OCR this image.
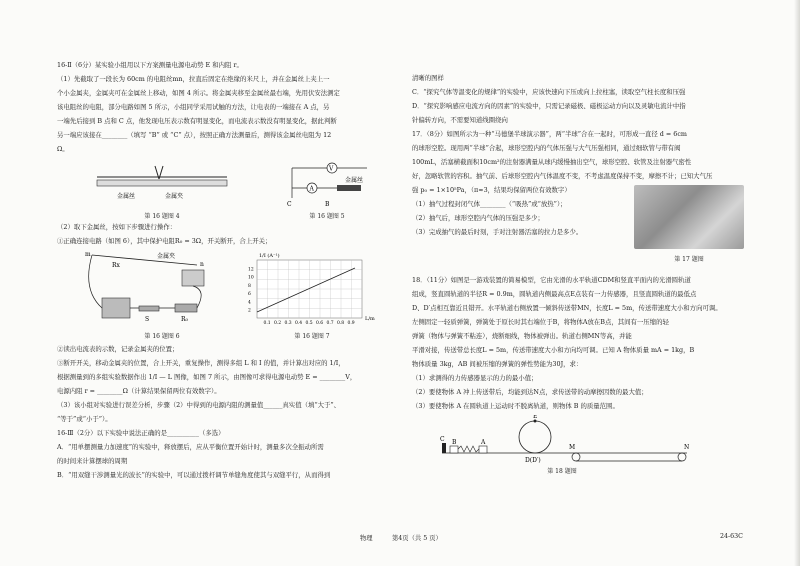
16-Ⅱ（6分）某实验小组用以下方案测量电源电动势 E 和内阻 r。

（1）先截取了一段长为 60cm 的电阻丝mn，拉直后固定在绝缘的米尺上，并在金属丝上夹上一

个小金属夹，金属夹可在金属丝上移动，如图 4 所示。将金属夹移至金属丝最右端，先用伏安法测定

该电阻丝的电阻，部分电路如图 5 所示，小组同学采用试触的方法，让电表的一端接在 A 点，另

一端先后接到 B 点和 C 点，他发现电压表示数有明显变化，而电流表示数没有明显变化，据此判断

另一端应该接在________（填写 “B” 或 “C” 点），按照正确方法测量后，测得该金属丝电阻为 12

Ω。

金属丝	金属夹
V
A
金属丝
C	B
第 16 题图 4	第 16 题图 5

（2）取下金属丝，按如下步骤进行操作：

①正确连接电路（如图 6），其中保护电阻R₀ = 3Ω，开关断开，合上开关；

m
Rx
金属夹
n
S	R₀
1/I (A⁻¹)
L/m
12
10
8
6
4
2
0.1 0.2 0.3 0.4 0.5 0.6 0.7 0.8 0.9
第 16 题图 6	第 16 题图 7

②读出电流表的示数，记录金属夹的位置；

③断开开关，移动金属夹的位置，合上开关，重复操作，测得多组 L 和 I 的值，并计算出对应的 1/I，

根据测量到的多组实验数据作出 1/I — L 图像，如图 7 所示，由图像可求得电源电动势 E = ________V，

电源内阻 r = ________Ω（计算结果保留两位有效数字）。

（3）该小组对实验进行误差分析，步骤（2）中得到的电源内阻的测量值______真实值（填“大于”、

“等于”或“小于”）。

16-Ⅲ（2分）以下实验中说法正确的是__________（多选）

A．“用单摆测量力加速度”的实验中，释放摆后，应从平衡位置开始计时，测量多次全振动所需

的时间来计算摆球的周期

B．“用双缝干涉测量光的波长”的实验中，可以通过拨杆调节单缝角度使其与双缝平行，从而得到

清晰的图样

C．“探究气体等温变化的规律”的实验中，应该快速向下压或向上拉柱塞，读取空气柱长度和压强

D．“探究影响感应电流方向的因素”的实验中，只需记录磁极、磁极运动方向以及灵敏电流计中指

针偏转方向，不需要知道线圈绕向

17．（8分）如图所示为一种“马德堡半球演示器”，两“半球”合在一起时，可形成一直径 d = 6cm

的球形空腔。现用两“半球”合起，球形空腔内的气体压强与大气压强相同，通过细软管与带有阀

100mL，活塞横截面积10cm²的注射器满量从球内缓慢抽出空气，球形空腔、软管及注射器气密性

好，忽略软管的容积。抽气前、后球形空腔内气体温度不变，不考虑温度保持不变，摩擦不计；已知大气压

强 p₀ = 1×10⁵Pa，（π≈3，结果均保留两位有效数字）

（1）抽气过程封闭气体________（“吸热”或“放热”）；

（2）抽气后，球形空腔内气体的压强是多少；

（3）完成抽气的最后时刻，手对注射器活塞的拉力是多少。

第 17 题图

18．（11分）如图是一游戏装置的简易模型，它由光滑的水平轨道CDM和竖直平面内的光滑圆轨道

组成，竖直圆轨道的半径R = 0.9m，圆轨道内侧最高点E点装有一力传感器，且竖直圆轨道的最低点

D、D′点相互靠近且错开。水平轨道右侧放置一倾斜传送带MN，长度L = 5m，传送带速度大小和方向可调。

左侧固定一轻质弹簧，弹簧处于原长时其右端位于B，将物体A放在B点，其间有一压缩的轻

弹簧（物体与弹簧不粘连），烧断细线，物体被弹出。轨道右侧MN等高，并能

平滑对接，传送带总长度L = 5m，传送带速度大小和方向均可调。已知 A 物体质量 mA = 1kg，B

物体质量 3kg，AB 间被压缩的弹簧的弹性势能为30J，求：

（1）求测得的力传感器显示的力的最小值；

（2）要使物体 A 冲上传送带后，均能到达N点，求传送带的动摩擦因数的最大值；

（3）要使物体 A 在圆轨道上运动时不脱离轨道，则物体 B 的质量范围。

E
C B	A
D(D′)
M	N
第 18 题图
物理	第4页（共 5 页）	24-63C
